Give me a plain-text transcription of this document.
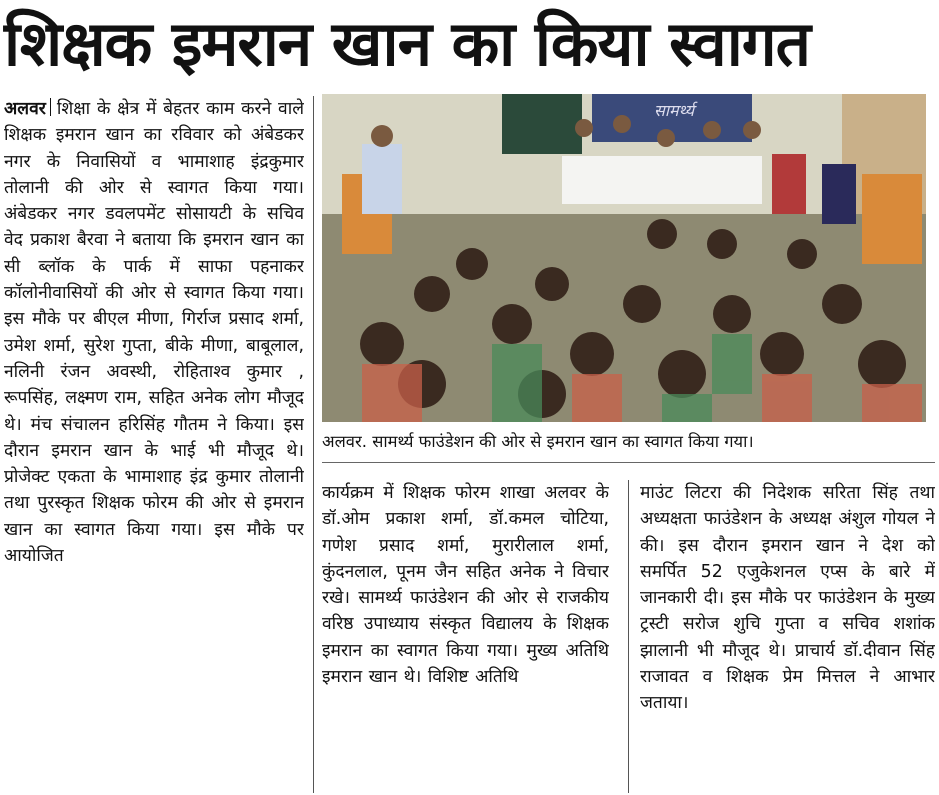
शिक्षक इमरान खान का किया स्वागत
अलवर शिक्षा के क्षेत्र में बेहतर काम करने वाले शिक्षक इमरान खान का रविवार को अंबेडकर नगर के निवासियों व भामाशाह इंद्रकुमार तोलानी की ओर से स्वागत किया गया। अंबेडकर नगर डवलपमेंट सोसायटी के सचिव वेद प्रकाश बैरवा ने बताया कि इमरान खान का सी ब्लॉक के पार्क में साफा पहनाकर कॉलोनीवासियों की ओर से स्वागत किया गया। इस मौके पर बीएल मीणा, गिर्राज प्रसाद शर्मा, उमेश शर्मा, सुरेश गुप्ता, बीके मीणा, बाबूलाल, नलिनी रंजन अवस्थी, रोहिताश्व कुमार , रूपसिंह, लक्ष्मण राम, सहित अनेक लोग मौजूद थे। मंच संचालन हरिसिंह गौतम ने किया। इस दौरान इमरान खान के भाई भी मौजूद थे। प्रोजेक्ट एकता के भामाशाह इंद्र कुमार तोलानी तथा पुरस्कृत शिक्षक फोरम की ओर से इमरान खान का स्वागत किया गया। इस मौके पर आयोजित
सामर्थ्य
अलवर. सामर्थ्य फाउंडेशन की ओर से इमरान खान का स्वागत किया गया।
कार्यक्रम में शिक्षक फोरम शाखा अलवर के डॉ.ओम प्रकाश शर्मा, डॉ.कमल चोटिया, गणेश प्रसाद शर्मा, मुरारीलाल शर्मा, कुंदनलाल, पूनम जैन सहित अनेक ने विचार रखे। सामर्थ्य फाउंडेशन की ओर से राजकीय वरिष्ठ उपाध्याय संस्कृत विद्यालय के शिक्षक इमरान का स्वागत किया गया। मुख्य अतिथि इमरान खान थे। विशिष्ट अतिथि
माउंट लिटरा की निदेशक सरिता सिंह तथा अध्यक्षता फाउंडेशन के अध्यक्ष अंशुल गोयल ने की। इस दौरान इमरान खान ने देश को समर्पित 52 एजुकेशनल एप्स के बारे में जानकारी दी। इस मौके पर फाउंडेशन के मुख्य ट्रस्टी सरोज शुचि गुप्ता व सचिव शशांक झालानी भी मौजूद थे। प्राचार्य डॉ.दीवान सिंह राजावत व शिक्षक प्रेम मित्तल ने आभार जताया।
